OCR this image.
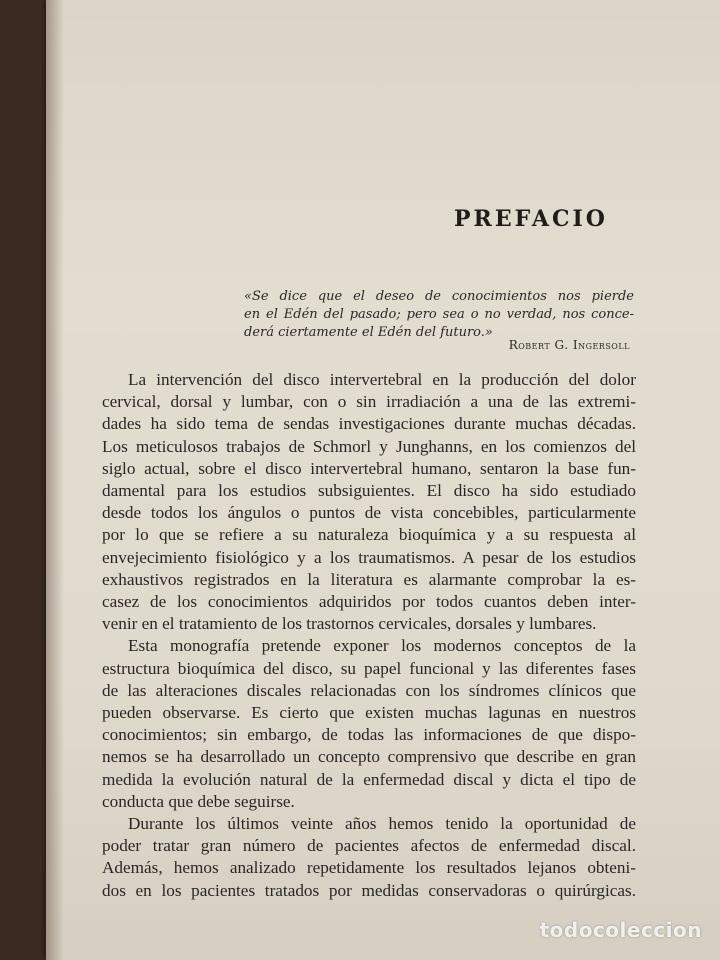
PREFACIO
«Se dice que el deseo de conocimientos nos pierde
en el Edén del pasado; pero sea o no verdad, nos conce-
derá ciertamente el Edén del futuro.»
Robert G. Ingersoll
La intervención del disco intervertebral en la producción del dolor
cervical, dorsal y lumbar, con o sin irradiación a una de las extremi-
dades ha sido tema de sendas investigaciones durante muchas décadas.
Los meticulosos trabajos de Schmorl y Junghanns, en los comienzos del
siglo actual, sobre el disco intervertebral humano, sentaron la base fun-
damental para los estudios subsiguientes. El disco ha sido estudiado
desde todos los ángulos o puntos de vista concebibles, particularmente
por lo que se refiere a su naturaleza bioquímica y a su respuesta al
envejecimiento fisiológico y a los traumatismos. A pesar de los estudios
exhaustivos registrados en la literatura es alarmante comprobar la es-
casez de los conocimientos adquiridos por todos cuantos deben inter-
venir en el tratamiento de los trastornos cervicales, dorsales y lumbares.
Esta monografía pretende exponer los modernos conceptos de la
estructura bioquímica del disco, su papel funcional y las diferentes fases
de las alteraciones discales relacionadas con los síndromes clínicos que
pueden observarse. Es cierto que existen muchas lagunas en nuestros
conocimientos; sin embargo, de todas las informaciones de que dispo-
nemos se ha desarrollado un concepto comprensivo que describe en gran
medida la evolución natural de la enfermedad discal y dicta el tipo de
conducta que debe seguirse.
Durante los últimos veinte años hemos tenido la oportunidad de
poder tratar gran número de pacientes afectos de enfermedad discal.
Además, hemos analizado repetidamente los resultados lejanos obteni-
dos en los pacientes tratados por medidas conservadoras o quirúrgicas.
todocoleccion
